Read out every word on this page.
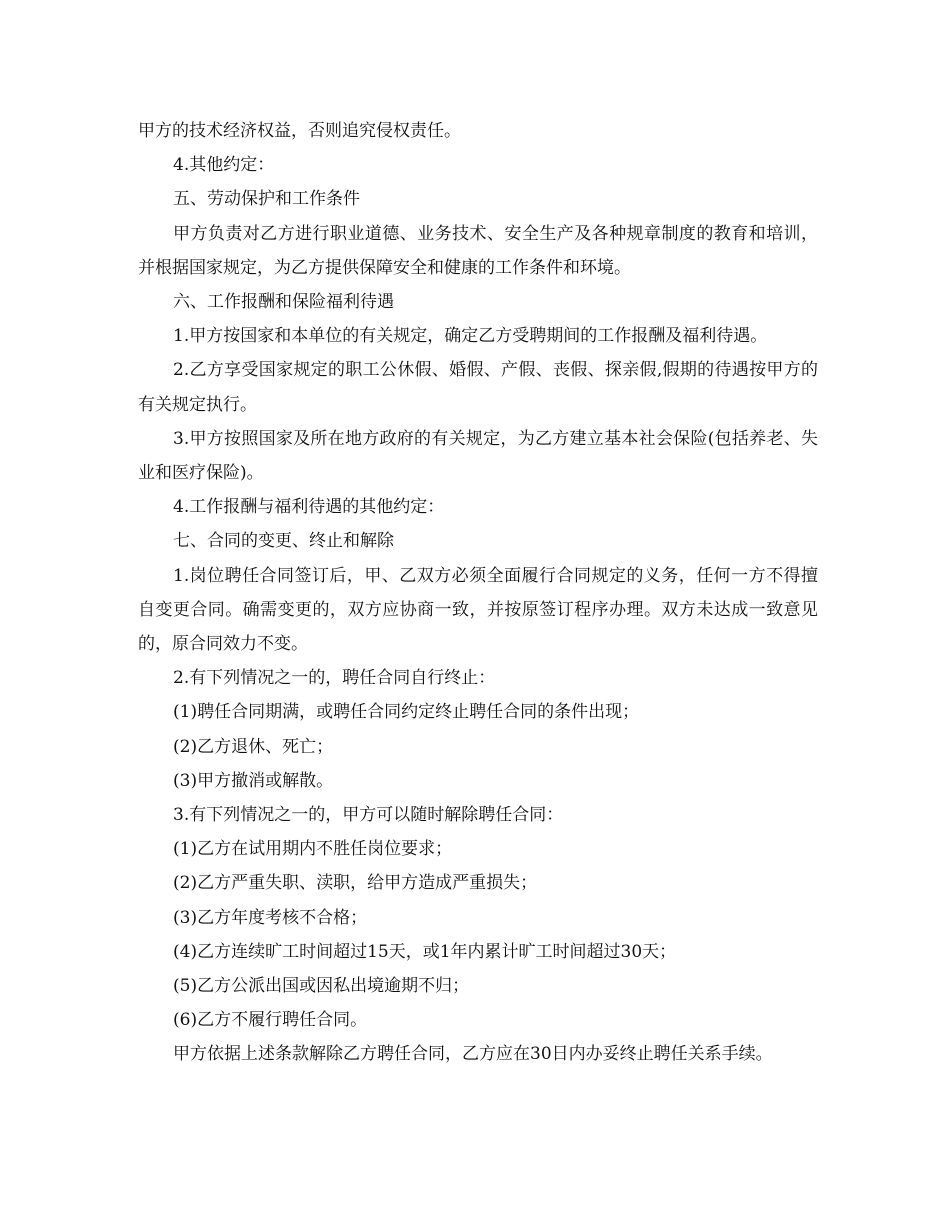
甲方的技术经济权益，否则追究侵权责任。

4.其他约定：

五、劳动保护和工作条件

甲方负责对乙方进行职业道德、业务技术、安全生产及各种规章制度的教育和培训，并根据国家规定，为乙方提供保障安全和健康的工作条件和环境。

六、工作报酬和保险福利待遇

1.甲方按国家和本单位的有关规定，确定乙方受聘期间的工作报酬及福利待遇。

2.乙方享受国家规定的职工公休假、婚假、产假、丧假、探亲假,假期的待遇按甲方的有关规定执行。

3.甲方按照国家及所在地方政府的有关规定，为乙方建立基本社会保险(包括养老、失业和医疗保险)。

4.工作报酬与福利待遇的其他约定：

七、合同的变更、终止和解除

1.岗位聘任合同签订后，甲、乙双方必须全面履行合同规定的义务，任何一方不得擅自变更合同。确需变更的，双方应协商一致，并按原签订程序办理。双方未达成一致意见的，原合同效力不变。

2.有下列情况之一的，聘任合同自行终止：

(1)聘任合同期满，或聘任合同约定终止聘任合同的条件出现；

(2)乙方退休、死亡；

(3)甲方撤消或解散。

3.有下列情况之一的，甲方可以随时解除聘任合同：

(1)乙方在试用期内不胜任岗位要求；

(2)乙方严重失职、渎职，给甲方造成严重损失；

(3)乙方年度考核不合格；

(4)乙方连续旷工时间超过15天，或1年内累计旷工时间超过30天；

(5)乙方公派出国或因私出境逾期不归；

(6)乙方不履行聘任合同。

甲方依据上述条款解除乙方聘任合同，乙方应在30日内办妥终止聘任关系手续。
